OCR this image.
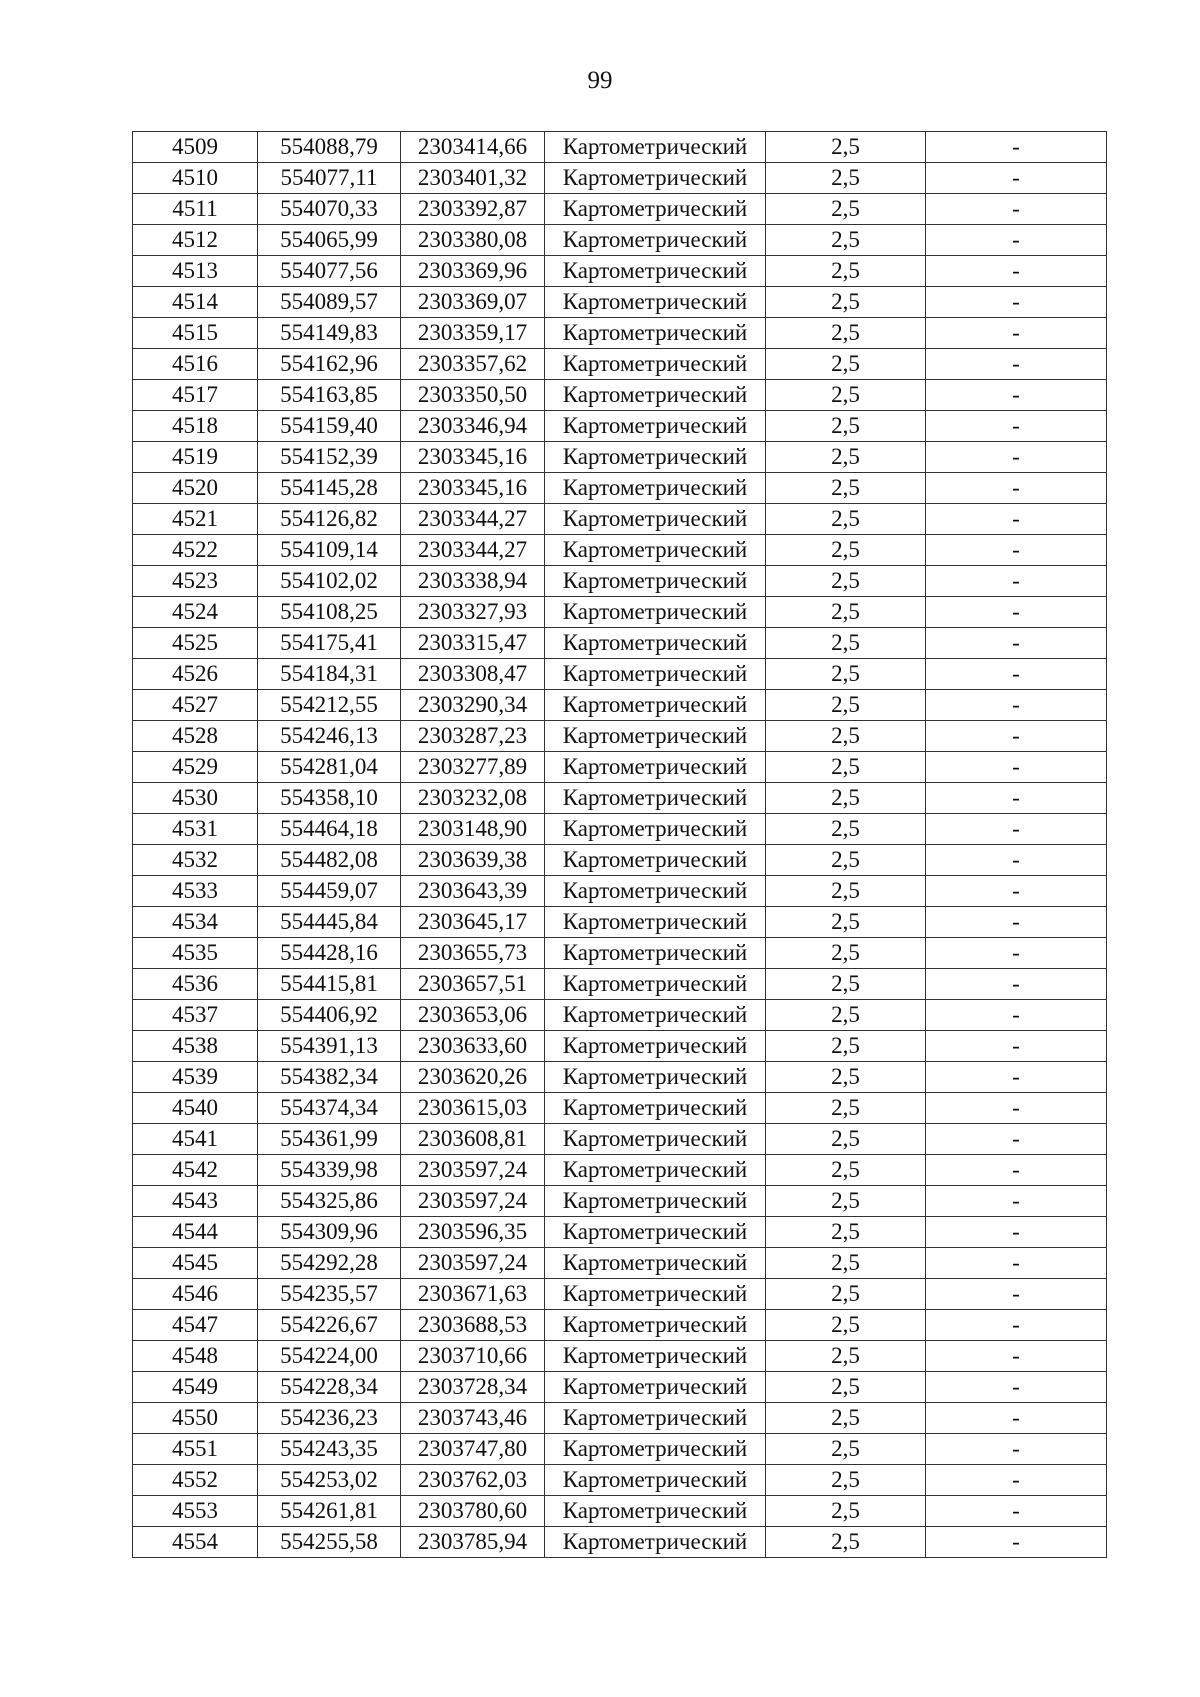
99
4509	554088,79	2303414,66	Картометрический	2,5	-
4510	554077,11	2303401,32	Картометрический	2,5	-
4511	554070,33	2303392,87	Картометрический	2,5	-
4512	554065,99	2303380,08	Картометрический	2,5	-
4513	554077,56	2303369,96	Картометрический	2,5	-
4514	554089,57	2303369,07	Картометрический	2,5	-
4515	554149,83	2303359,17	Картометрический	2,5	-
4516	554162,96	2303357,62	Картометрический	2,5	-
4517	554163,85	2303350,50	Картометрический	2,5	-
4518	554159,40	2303346,94	Картометрический	2,5	-
4519	554152,39	2303345,16	Картометрический	2,5	-
4520	554145,28	2303345,16	Картометрический	2,5	-
4521	554126,82	2303344,27	Картометрический	2,5	-
4522	554109,14	2303344,27	Картометрический	2,5	-
4523	554102,02	2303338,94	Картометрический	2,5	-
4524	554108,25	2303327,93	Картометрический	2,5	-
4525	554175,41	2303315,47	Картометрический	2,5	-
4526	554184,31	2303308,47	Картометрический	2,5	-
4527	554212,55	2303290,34	Картометрический	2,5	-
4528	554246,13	2303287,23	Картометрический	2,5	-
4529	554281,04	2303277,89	Картометрический	2,5	-
4530	554358,10	2303232,08	Картометрический	2,5	-
4531	554464,18	2303148,90	Картометрический	2,5	-
4532	554482,08	2303639,38	Картометрический	2,5	-
4533	554459,07	2303643,39	Картометрический	2,5	-
4534	554445,84	2303645,17	Картометрический	2,5	-
4535	554428,16	2303655,73	Картометрический	2,5	-
4536	554415,81	2303657,51	Картометрический	2,5	-
4537	554406,92	2303653,06	Картометрический	2,5	-
4538	554391,13	2303633,60	Картометрический	2,5	-
4539	554382,34	2303620,26	Картометрический	2,5	-
4540	554374,34	2303615,03	Картометрический	2,5	-
4541	554361,99	2303608,81	Картометрический	2,5	-
4542	554339,98	2303597,24	Картометрический	2,5	-
4543	554325,86	2303597,24	Картометрический	2,5	-
4544	554309,96	2303596,35	Картометрический	2,5	-
4545	554292,28	2303597,24	Картометрический	2,5	-
4546	554235,57	2303671,63	Картометрический	2,5	-
4547	554226,67	2303688,53	Картометрический	2,5	-
4548	554224,00	2303710,66	Картометрический	2,5	-
4549	554228,34	2303728,34	Картометрический	2,5	-
4550	554236,23	2303743,46	Картометрический	2,5	-
4551	554243,35	2303747,80	Картометрический	2,5	-
4552	554253,02	2303762,03	Картометрический	2,5	-
4553	554261,81	2303780,60	Картометрический	2,5	-
4554	554255,58	2303785,94	Картометрический	2,5	-
